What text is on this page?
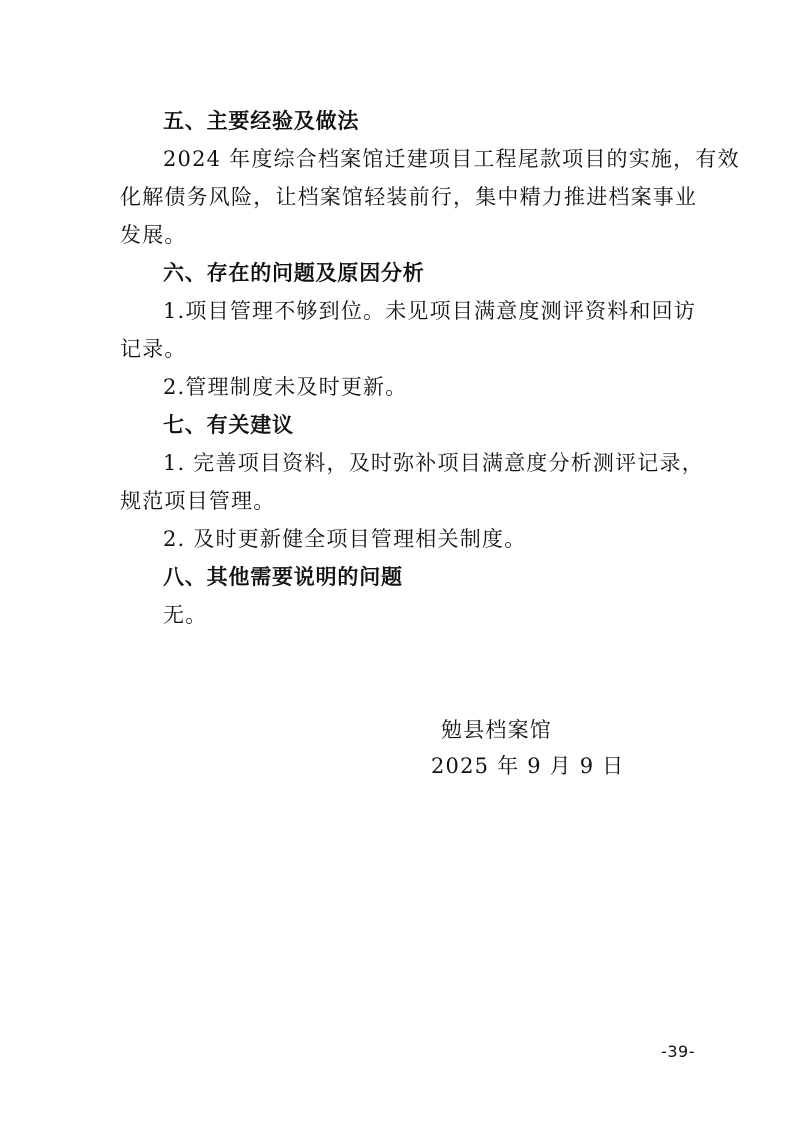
五、主要经验及做法
2024 年度综合档案馆迁建项目工程尾款项目的实施，有效
化解债务风险，让档案馆轻装前行，集中精力推进档案事业
发展。
六、存在的问题及原因分析
1.项目管理不够到位。未见项目满意度测评资料和回访
记录。
2.管理制度未及时更新。
七、有关建议
1. 完善项目资料，及时弥补项目满意度分析测评记录，
规范项目管理。
2. 及时更新健全项目管理相关制度。
八、其他需要说明的问题
无。
勉县档案馆
2025 年 9 月 9 日
-39-
